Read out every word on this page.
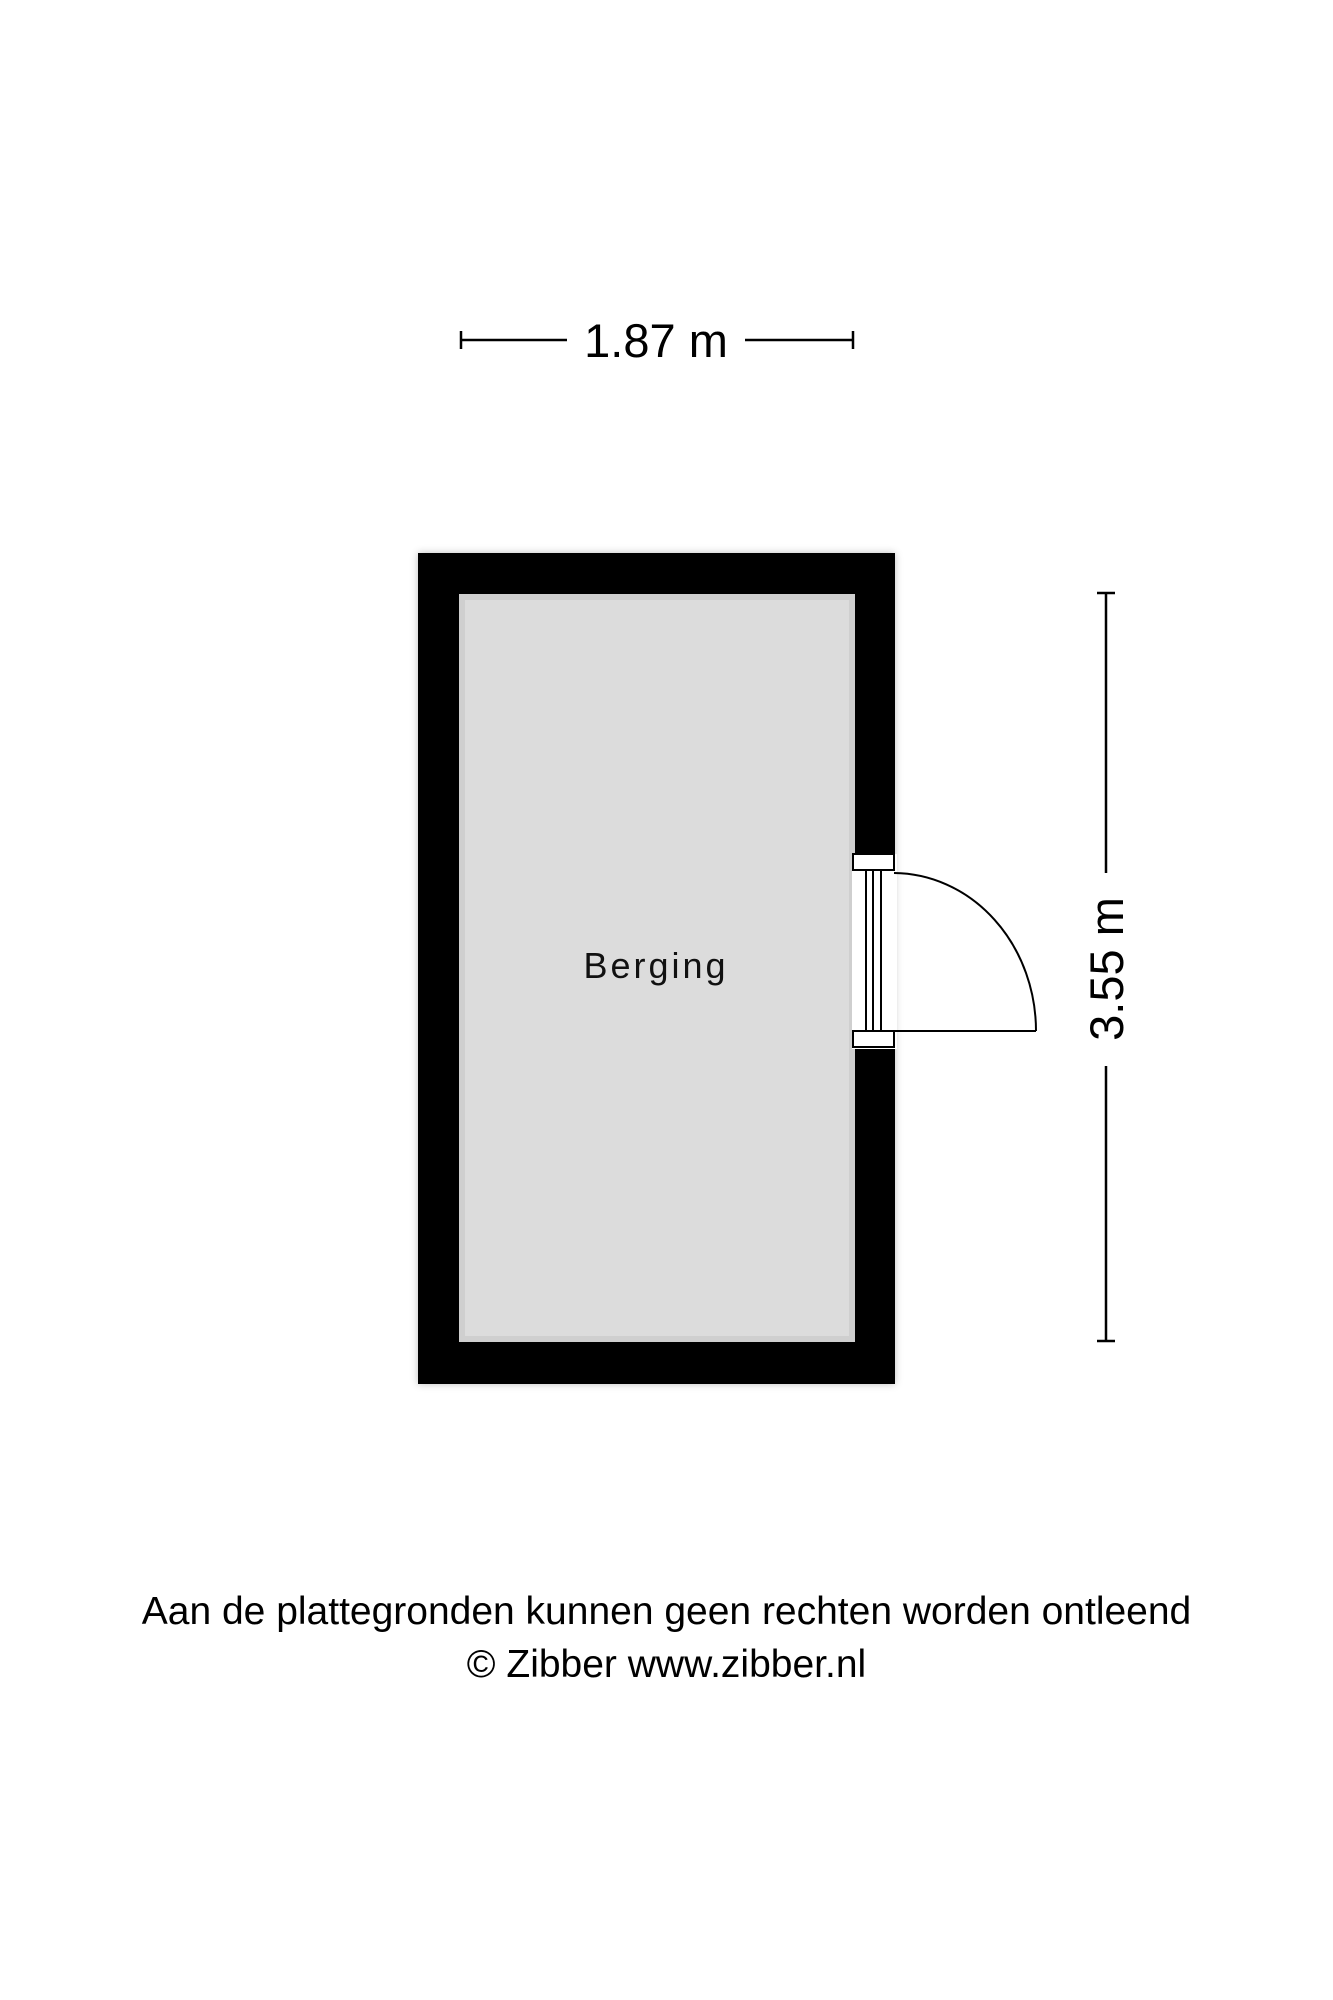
1.87 m
3.55 m
Berging
Aan de plattegronden kunnen geen rechten worden ontleend
© Zibber www.zibber.nl
